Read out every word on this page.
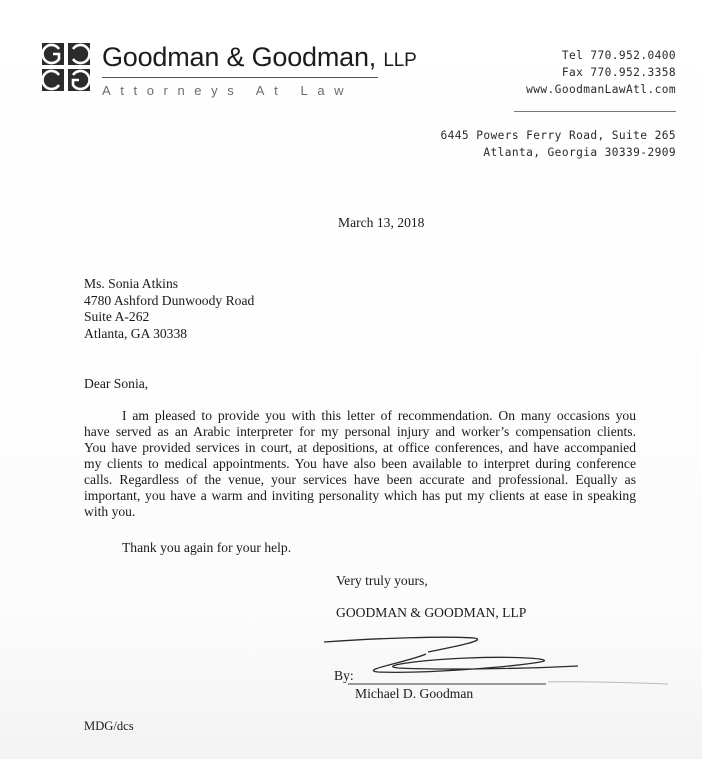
Goodman & Goodman, LLP
Attorneys At Law
Tel 770.952.0400
Fax 770.952.3358
www.GoodmanLawAtl.com
6445 Powers Ferry Road, Suite 265
Atlanta, Georgia 30339-2909
March 13, 2018
Ms. Sonia Atkins
4780 Ashford Dunwoody Road
Suite A-262
Atlanta, GA 30338
Dear Sonia,
I am pleased to provide you with this letter of recommendation. On many occasions you
have served as an Arabic interpreter for my personal injury and worker’s compensation clients.
You have provided services in court, at depositions, at office conferences, and have accompanied
my clients to medical appointments. You have also been available to interpret during conference
calls. Regardless of the venue, your services have been accurate and professional. Equally as
important, you have a warm and inviting personality which has put my clients at ease in speaking
with you.
Thank you again for your help.
Very truly yours,
GOODMAN & GOODMAN, LLP
By:
Michael D. Goodman
MDG/dcs
